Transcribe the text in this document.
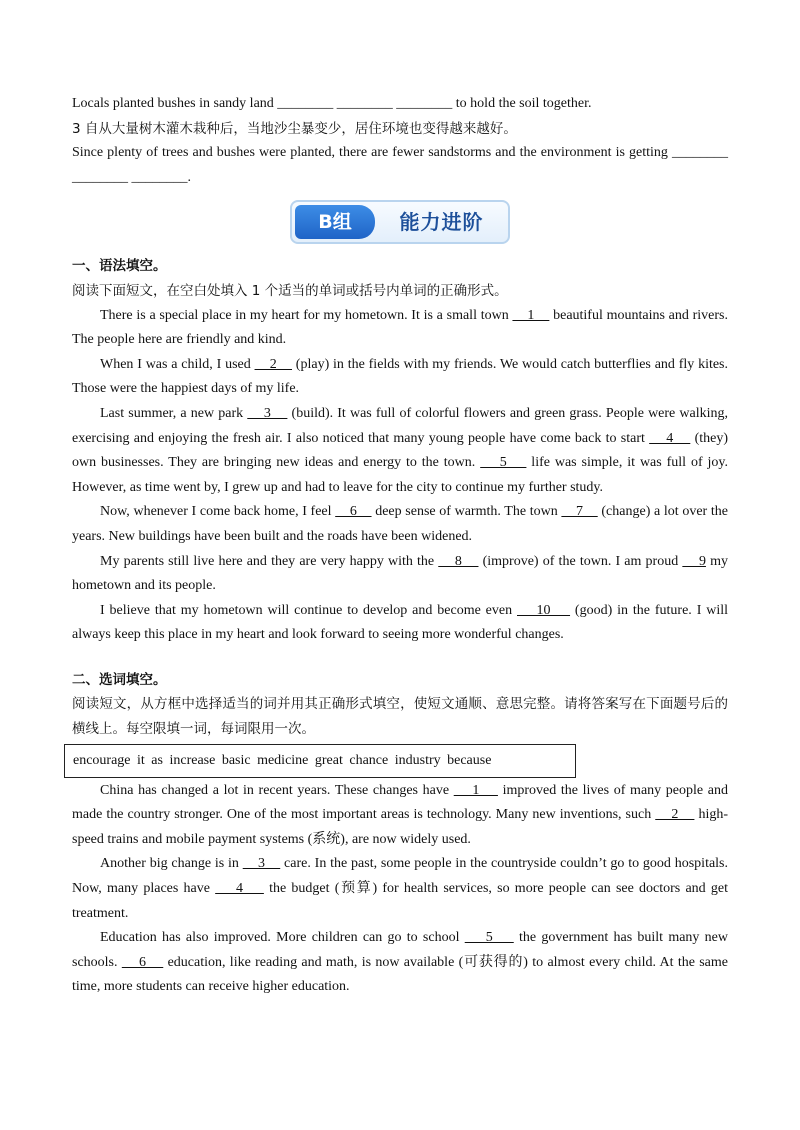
Locals planted bushes in sandy land ________ ________ ________ to hold the soil together.

3 自从大量树木灌木栽种后，当地沙尘暴变少，居住环境也变得越来越好。

Since plenty of trees and bushes were planted, there are fewer sandstorms and the environment is getting ________ ________ ________.

B组	能力进阶

一、语法填空。

阅读下面短文，在空白处填入 1 个适当的单词或括号内单词的正确形式。

There is a special place in my heart for my hometown. It is a small town     1     beautiful mountains and rivers. The people here are friendly and kind.

When I was a child, I used     2     (play) in the fields with my friends. We would catch butterflies and fly kites. Those were the happiest days of my life.

Last summer, a new park     3     (build). It was full of colorful flowers and green grass. People were walking, exercising and enjoying the fresh air. I also noticed that many young people have come back to start     4     (they) own businesses. They are bringing new ideas and energy to the town.     5     life was simple, it was full of joy. However, as time went by, I grew up and had to leave for the city to continue my further study.

Now, whenever I come back home, I feel     6     deep sense of warmth. The town     7     (change) a lot over the years. New buildings have been built and the roads have been widened.

My parents still live here and they are very happy with the     8     (improve) of the town. I am proud     9 my hometown and its people.

I believe that my hometown will continue to develop and become even     10     (good) in the future. I will always keep this place in my heart and look forward to seeing more wonderful changes.

二、选词填空。

阅读短文，从方框中选择适当的词并用其正确形式填空，使短文通顺、意思完整。请将答案写在下面题号后的横线上。每空限填一词，每词限用一次。

encourage it as increase basic medicine great chance industry because

China has changed a lot in recent years. These changes have     1     improved the lives of many people and made the country stronger. One of the most important areas is technology. Many new inventions, such     2     high-speed trains and mobile payment systems (系统), are now widely used.

Another big change is in     3     care. In the past, some people in the countryside couldn’t go to good hospitals. Now, many places have     4     the budget (预算) for health services, so more people can see doctors and get treatment.

Education has also improved. More children can go to school     5     the government has built many new schools.     6     education, like reading and math, is now available (可获得的) to almost every child. At the same time, more students can receive higher education.
